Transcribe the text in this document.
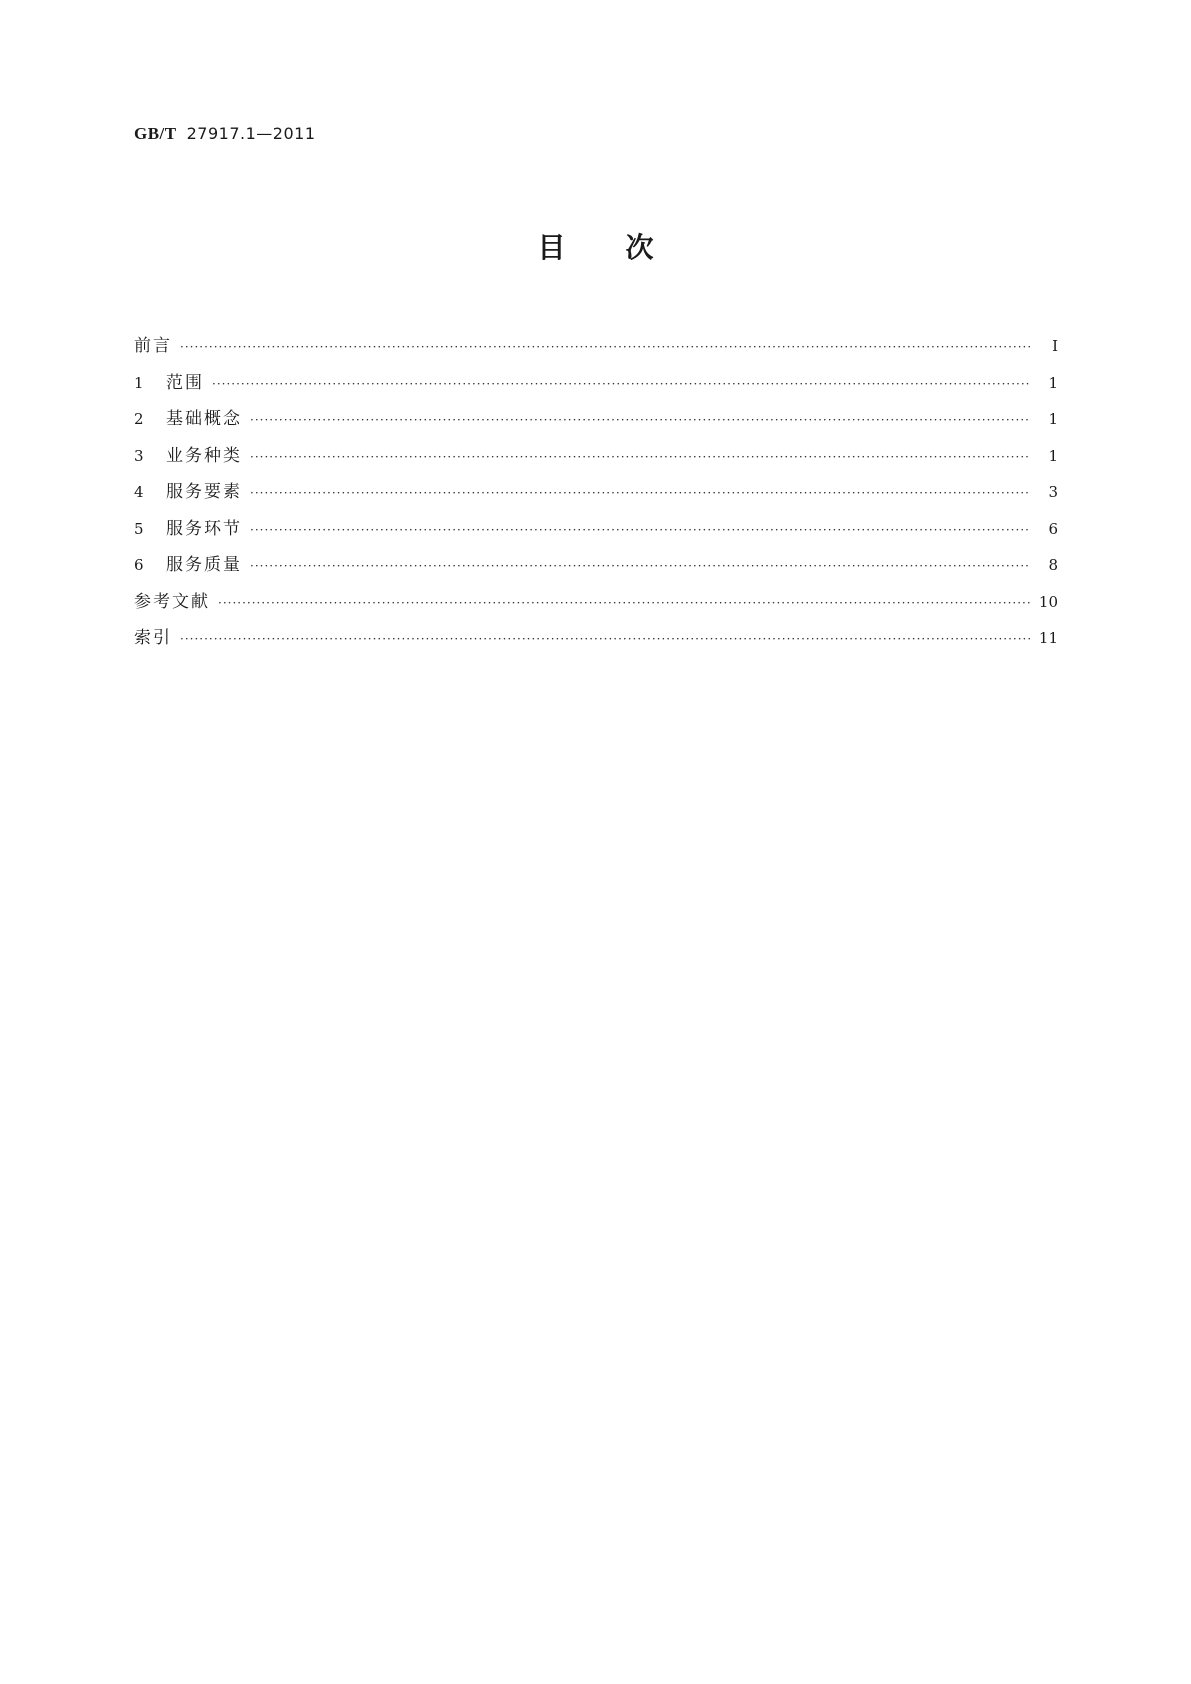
GB/T 27917.1—2011
目次
前言 ·····	Ⅰ
1	范围 ·····	1
2	基础概念 ·····	1
3	业务种类 ·····	1
4	服务要素 ·····	3
5	服务环节 ·····	6
6	服务质量 ·····	8
参考文献 ·····	10
索引 ·····	11
